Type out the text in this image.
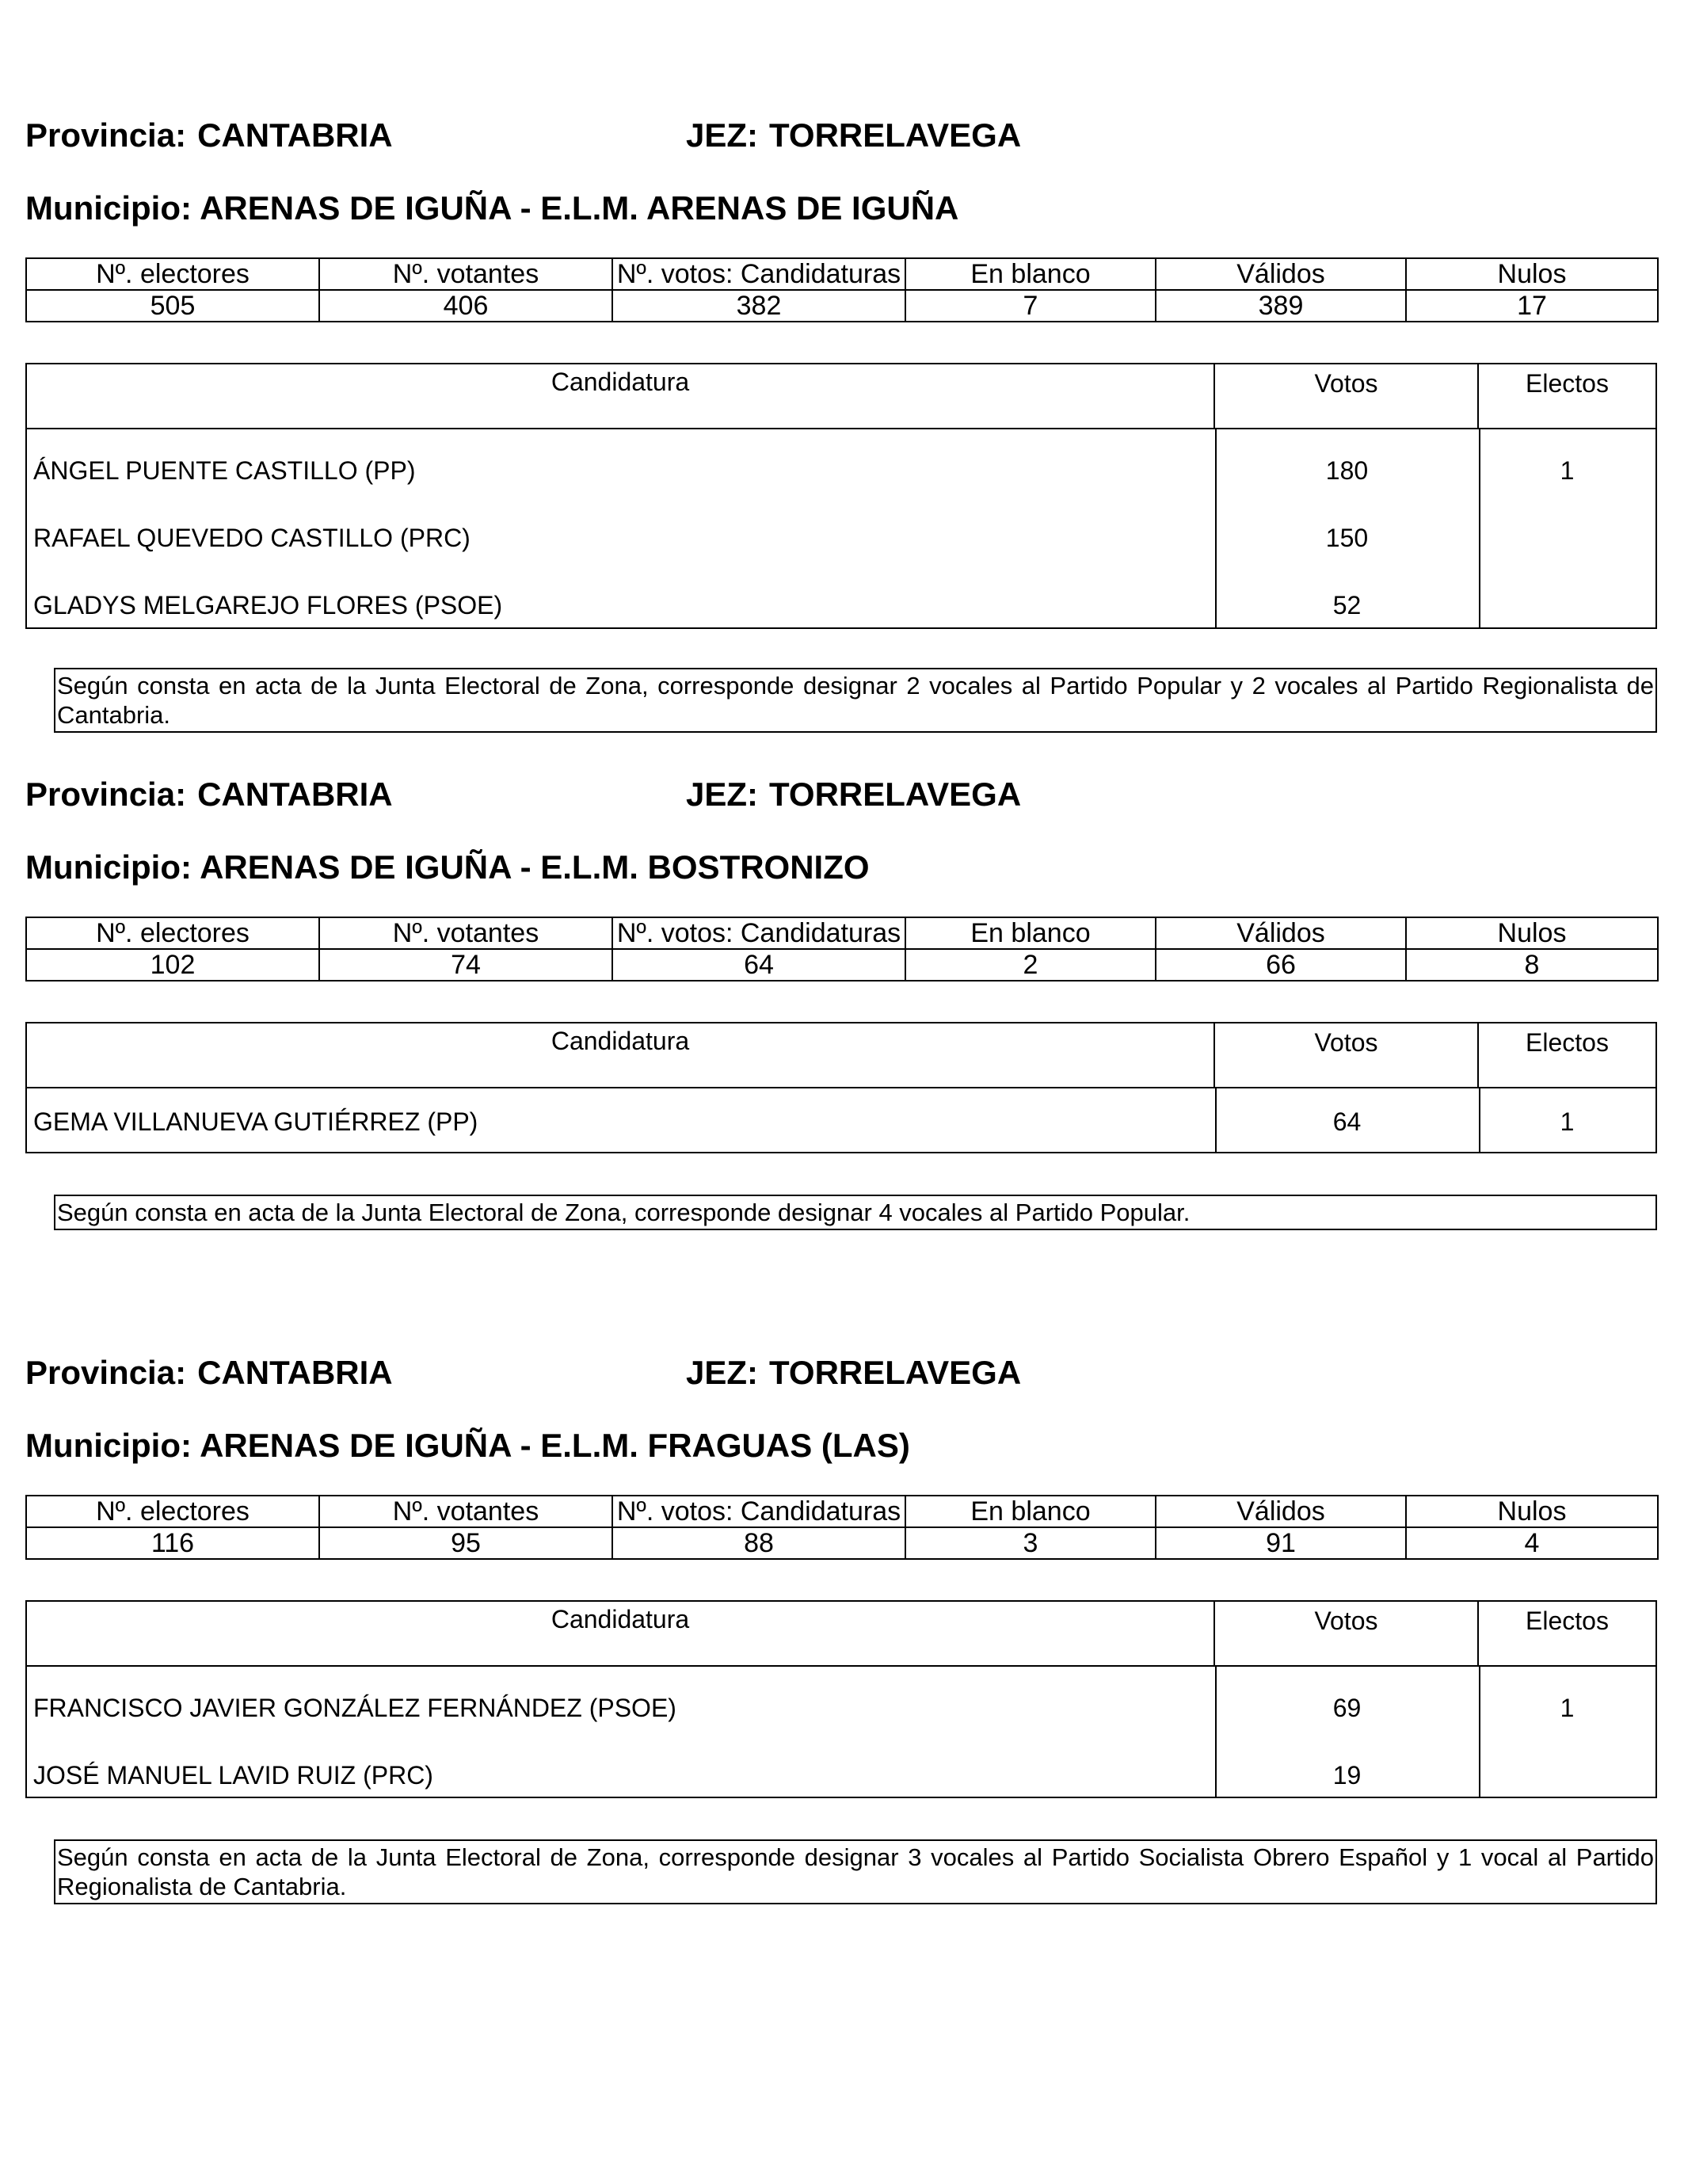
Provincia: CANTABRIA	JEZ: TORRELAVEGA
Municipio: ARENAS DE IGUÑA - E.L.M. ARENAS DE IGUÑA
Nº. electores	Nº. votantes	Nº. votos: Candidaturas	En blanco	Válidos	Nulos
505	406	382	7	389	17
Candidatura	Votos	Electos
ÁNGEL PUENTE CASTILLO (PP)	180	1
RAFAEL QUEVEDO CASTILLO (PRC)	150
GLADYS MELGAREJO FLORES (PSOE)	52
Según consta en acta de la Junta Electoral de Zona, corresponde designar 2 vocales al Partido Popular y 2 vocales al Partido Regionalista de Cantabria.
Provincia: CANTABRIA	JEZ: TORRELAVEGA
Municipio: ARENAS DE IGUÑA - E.L.M. BOSTRONIZO
Nº. electores	Nº. votantes	Nº. votos: Candidaturas	En blanco	Válidos	Nulos
102	74	64	2	66	8
Candidatura	Votos	Electos
GEMA VILLANUEVA GUTIÉRREZ (PP)	64	1
Según consta en acta de la Junta Electoral de Zona, corresponde designar 4 vocales al Partido Popular.
Provincia: CANTABRIA	JEZ: TORRELAVEGA
Municipio: ARENAS DE IGUÑA - E.L.M. FRAGUAS (LAS)
Nº. electores	Nº. votantes	Nº. votos: Candidaturas	En blanco	Válidos	Nulos
116	95	88	3	91	4
Candidatura	Votos	Electos
FRANCISCO JAVIER GONZÁLEZ FERNÁNDEZ (PSOE)	69	1
JOSÉ MANUEL LAVID RUIZ (PRC)	19
Según consta en acta de la Junta Electoral de Zona, corresponde designar 3 vocales al Partido Socialista Obrero Español y 1 vocal al Partido Regionalista de Cantabria.
